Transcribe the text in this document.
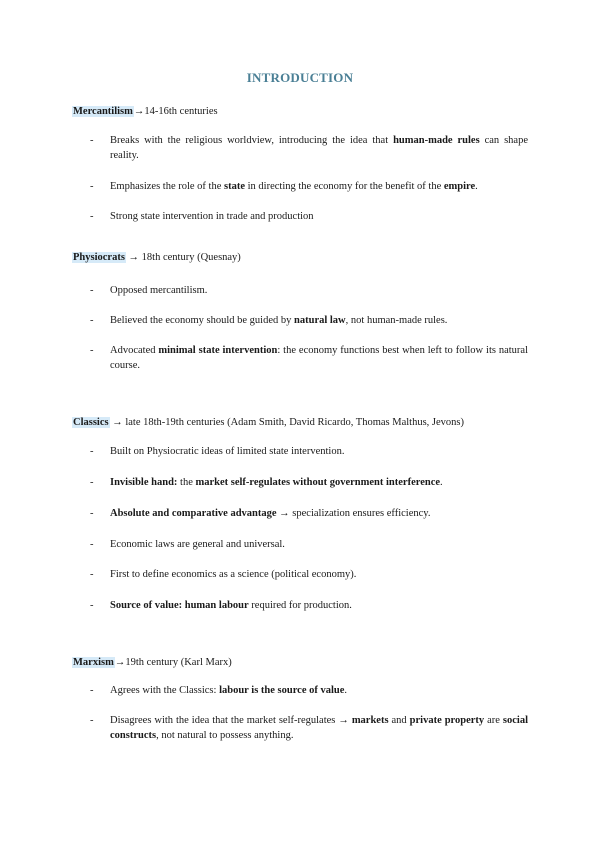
INTRODUCTION
Mercantilism→14-16th centuries
- Breaks with the religious worldview, introducing the idea that human-made rules can shape reality.
- Emphasizes the role of the state in directing the economy for the benefit of the empire.
- Strong state intervention in trade and production
Physiocrats → 18th century (Quesnay)
- Opposed mercantilism.
- Believed the economy should be guided by natural law, not human-made rules.
- Advocated minimal state intervention: the economy functions best when left to follow its natural course.
Classics → late 18th-19th centuries (Adam Smith, David Ricardo, Thomas Malthus, Jevons)
- Built on Physiocratic ideas of limited state intervention.
- Invisible hand: the market self-regulates without government interference.
- Absolute and comparative advantage → specialization ensures efficiency.
- Economic laws are general and universal.
- First to define economics as a science (political economy).
- Source of value: human labour required for production.
Marxism→19th century (Karl Marx)
- Agrees with the Classics: labour is the source of value.
- Disagrees with the idea that the market self-regulates → markets and private property are social constructs, not natural to possess anything.
